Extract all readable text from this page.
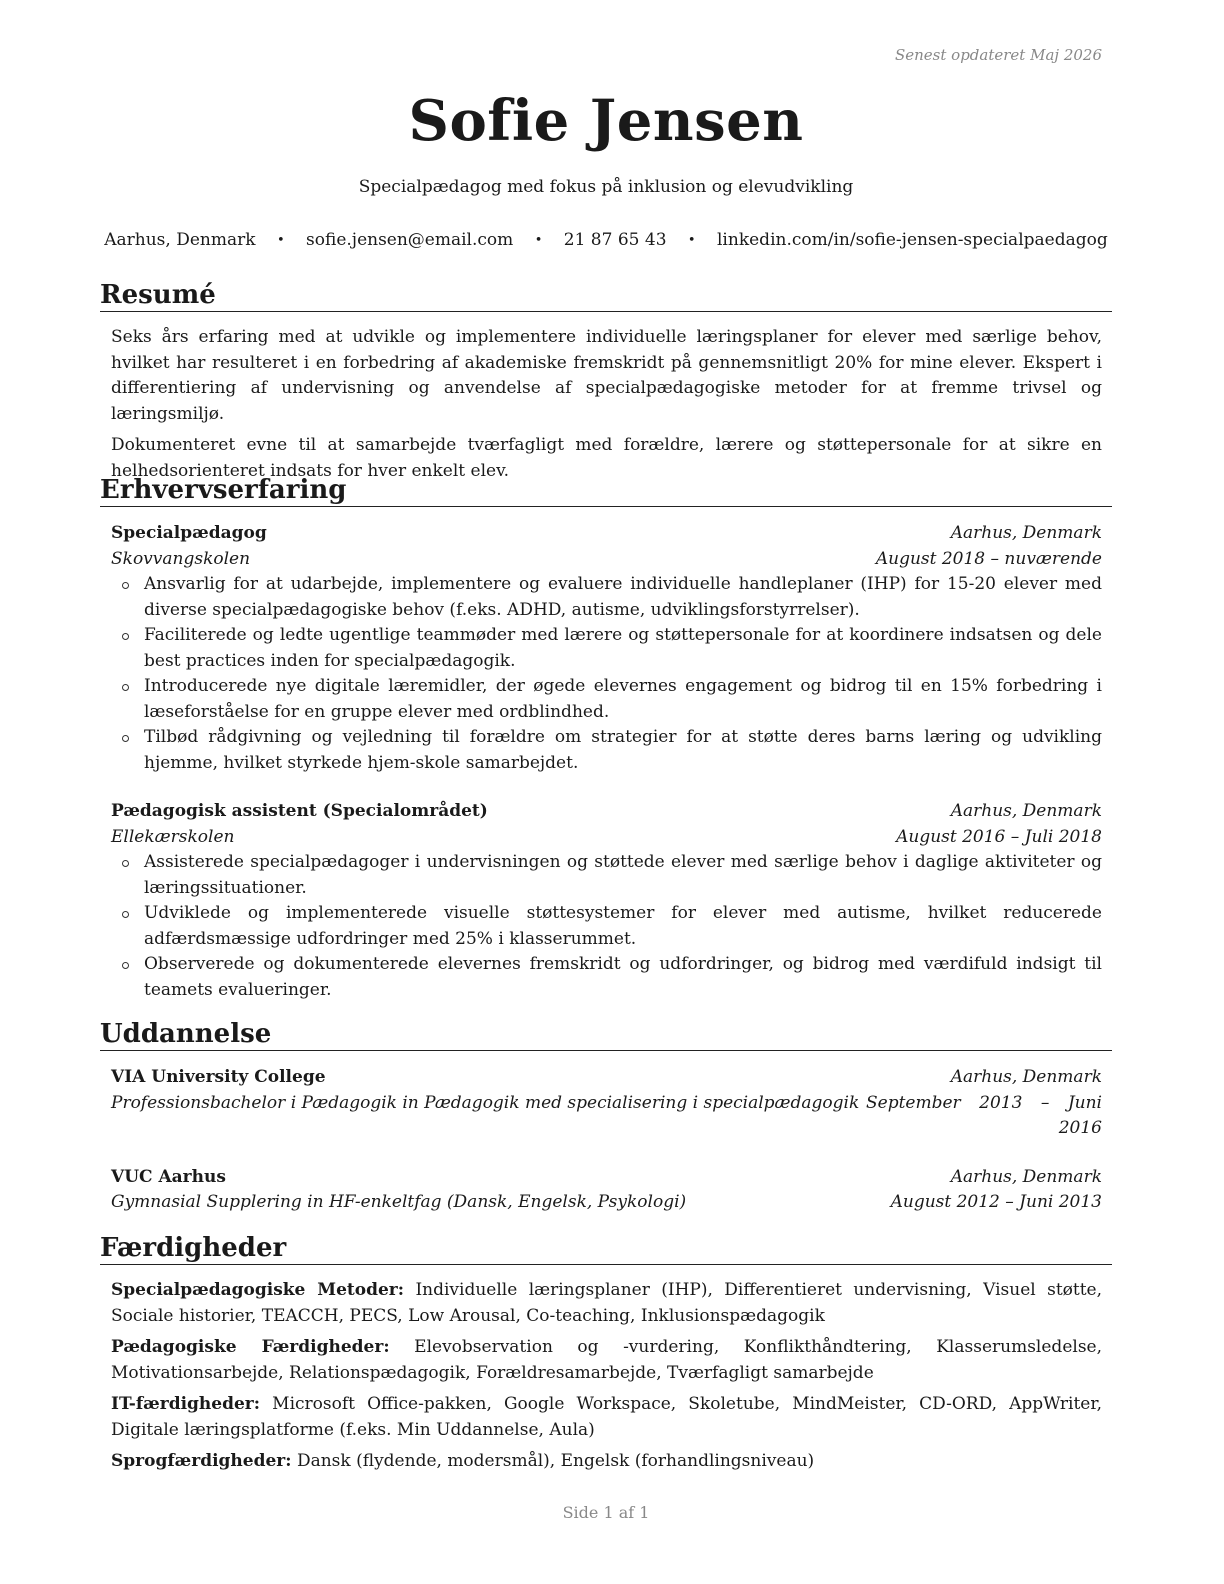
Senest opdateret Maj 2026
Sofie Jensen
Specialpædagog med fokus på inklusion og elevudvikling
Aarhus, Denmark • sofie.jensen@email.com • 21 87 65 43 • linkedin.com/in/sofie-jensen-specialpaedagog
Resumé

Seks års erfaring med at udvikle og implementere individuelle læringsplaner for elever med særlige behov, hvilket har resulteret i en forbedring af akademiske fremskridt på gennemsnitligt 20% for mine elever. Ekspert i differentiering af undervisning og anvendelse af specialpædagogiske metoder for at fremme trivsel og læringsmiljø.

Dokumenteret evne til at samarbejde tværfagligt med forældre, lærere og støttepersonale for at sikre en helhedsorienteret indsats for hver enkelt elev.

Erhvervserfaring
Specialpædagog	Aarhus, Denmark
Skovvangskolen	August 2018 – nuværende
Ansvarlig for at udarbejde, implementere og evaluere individuelle handleplaner (IHP) for 15-20 elever med diverse specialpædagogiske behov (f.eks. ADHD, autisme, udviklingsforstyrrelser).
Faciliterede og ledte ugentlige teammøder med lærere og støttepersonale for at koordinere indsatsen og dele best practices inden for specialpædagogik.
Introducerede nye digitale læremidler, der øgede elevernes engagement og bidrog til en 15% forbedring i læseforståelse for en gruppe elever med ordblindhed.
Tilbød rådgivning og vejledning til forældre om strategier for at støtte deres barns læring og udvikling hjemme, hvilket styrkede hjem-skole samarbejdet.
Pædagogisk assistent (Specialområdet)	Aarhus, Denmark
Ellekærskolen	August 2016 – Juli 2018
Assisterede specialpædagoger i undervisningen og støttede elever med særlige behov i daglige aktiviteter og læringssituationer.
Udviklede og implementerede visuelle støttesystemer for elever med autisme, hvilket reducerede adfærdsmæssige udfordringer med 25% i klasserummet.
Observerede og dokumenterede elevernes fremskridt og udfordringer, og bidrog med værdifuld indsigt til teamets evalueringer.
Uddannelse
VIA University College	Aarhus, Denmark
Professionsbachelor i Pædagogik in Pædagogik med specialisering i specialpædagogik September 2013 – Juni 2016
VUC Aarhus	Aarhus, Denmark
Gymnasial Supplering in HF-enkeltfag (Dansk, Engelsk, Psykologi)	August 2012 – Juni 2013
Færdigheder

Specialpædagogiske Metoder: Individuelle læringsplaner (IHP), Differentieret undervisning, Visuel støtte, Sociale historier, TEACCH, PECS, Low Arousal, Co-teaching, Inklusionspædagogik

Pædagogiske Færdigheder: Elevobservation og -vurdering, Konflikthåndtering, Klasserumsledelse, Motivationsarbejde, Relationspædagogik, Forældresamarbejde, Tværfagligt samarbejde

IT-færdigheder: Microsoft Office-pakken, Google Workspace, Skoletube, MindMeister, CD-ORD, AppWriter, Digitale læringsplatforme (f.eks. Min Uddannelse, Aula)

Sprogfærdigheder: Dansk (flydende, modersmål), Engelsk (forhandlingsniveau)

Side 1 af 1
